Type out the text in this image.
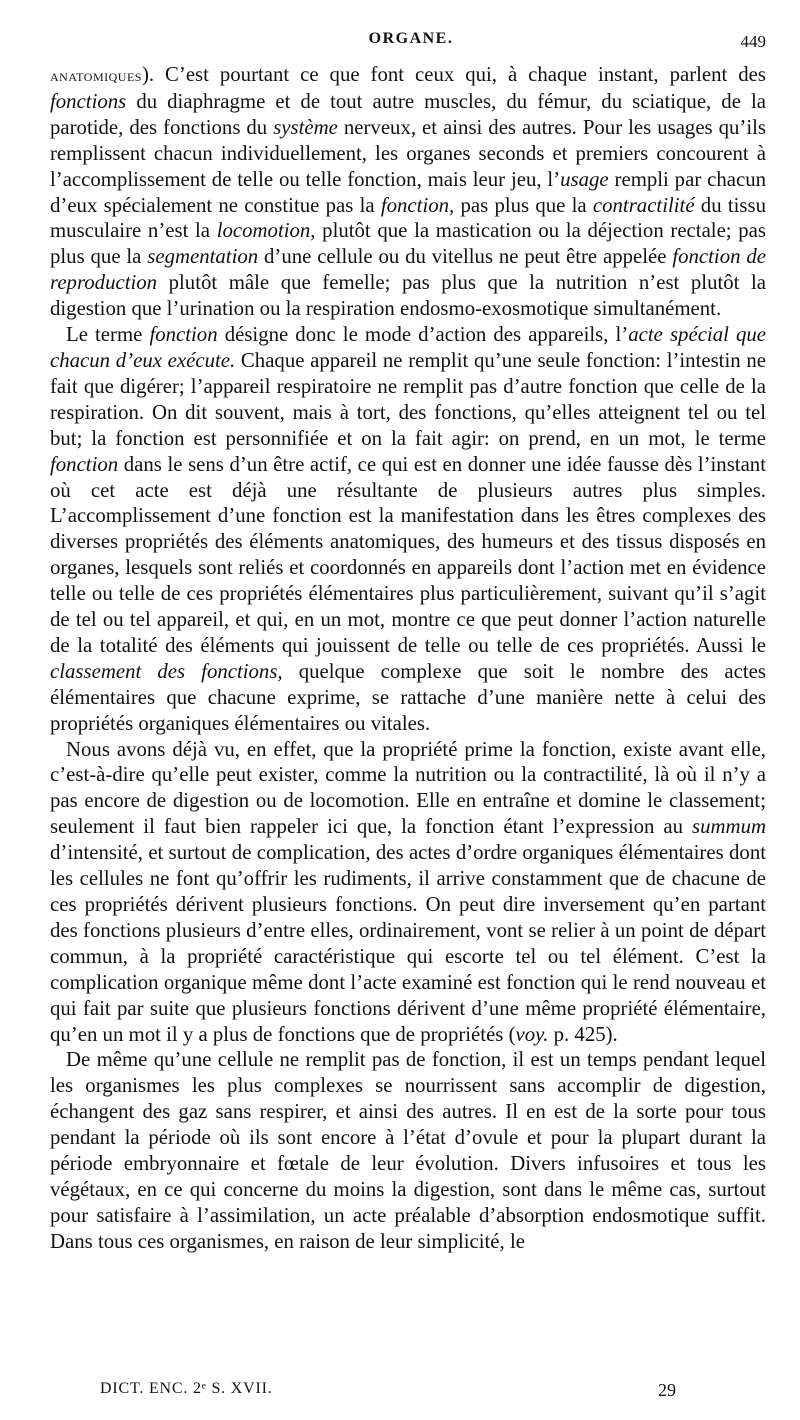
ORGANE.	449

anatomiques). C’est pourtant ce que font ceux qui, à chaque instant, parlent des fonctions du diaphragme et de tout autre muscles, du fémur, du sciatique, de la parotide, des fonctions du système nerveux, et ainsi des autres. Pour les usages qu’ils remplissent chacun individuellement, les organes seconds et premiers concourent à l’accomplissement de telle ou telle fonction, mais leur jeu, l’usage rempli par chacun d’eux spécialement ne constitue pas la fonction, pas plus que la contractilité du tissu musculaire n’est la locomotion, plutôt que la mastication ou la déjection rectale; pas plus que la segmentation d’une cellule ou du vitellus ne peut être appelée fonction de reproduction plutôt mâle que femelle; pas plus que la nutrition n’est plutôt la digestion que l’urination ou la respiration endosmo-exosmotique simultanément.

Le terme fonction désigne donc le mode d’action des appareils, l’acte spécial que chacun d’eux exécute. Chaque appareil ne remplit qu’une seule fonction: l’intestin ne fait que digérer; l’appareil respiratoire ne remplit pas d’autre fonction que celle de la respiration. On dit souvent, mais à tort, des fonctions, qu’elles atteignent tel ou tel but; la fonction est personnifiée et on la fait agir: on prend, en un mot, le terme fonction dans le sens d’un être actif, ce qui est en donner une idée fausse dès l’instant où cet acte est déjà une résultante de plusieurs autres plus simples. L’accomplissement d’une fonction est la manifestation dans les êtres complexes des diverses propriétés des éléments anatomiques, des humeurs et des tissus disposés en organes, lesquels sont reliés et coordonnés en appareils dont l’action met en évidence telle ou telle de ces propriétés élémentaires plus particulièrement, suivant qu’il s’agit de tel ou tel appareil, et qui, en un mot, montre ce que peut donner l’action naturelle de la totalité des éléments qui jouissent de telle ou telle de ces propriétés. Aussi le classement des fonctions, quelque complexe que soit le nombre des actes élémentaires que chacune exprime, se rattache d’une manière nette à celui des propriétés organiques élémentaires ou vitales.

Nous avons déjà vu, en effet, que la propriété prime la fonction, existe avant elle, c’est-à-dire qu’elle peut exister, comme la nutrition ou la contractilité, là où il n’y a pas encore de digestion ou de locomotion. Elle en entraîne et domine le classement; seulement il faut bien rappeler ici que, la fonction étant l’expression au summum d’intensité, et surtout de complication, des actes d’ordre organiques élémentaires dont les cellules ne font qu’offrir les rudiments, il arrive constamment que de chacune de ces propriétés dérivent plusieurs fonctions. On peut dire inversement qu’en partant des fonctions plusieurs d’entre elles, ordinairement, vont se relier à un point de départ commun, à la propriété caractéristique qui escorte tel ou tel élément. C’est la complication organique même dont l’acte examiné est fonction qui le rend nouveau et qui fait par suite que plusieurs fonctions dérivent d’une même propriété élémentaire, qu’en un mot il y a plus de fonctions que de propriétés (voy. p. 425).

De même qu’une cellule ne remplit pas de fonction, il est un temps pendant lequel les organismes les plus complexes se nourrissent sans accomplir de digestion, échangent des gaz sans respirer, et ainsi des autres. Il en est de la sorte pour tous pendant la période où ils sont encore à l’état d’ovule et pour la plupart durant la période embryonnaire et fœtale de leur évolution. Divers infusoires et tous les végétaux, en ce qui concerne du moins la digestion, sont dans le même cas, surtout pour satisfaire à l’assimilation, un acte préalable d’absorption endosmotique suffit. Dans tous ces organismes, en raison de leur simplicité, le

DICT. ENC. 2ᵉ S. XVII.	29
